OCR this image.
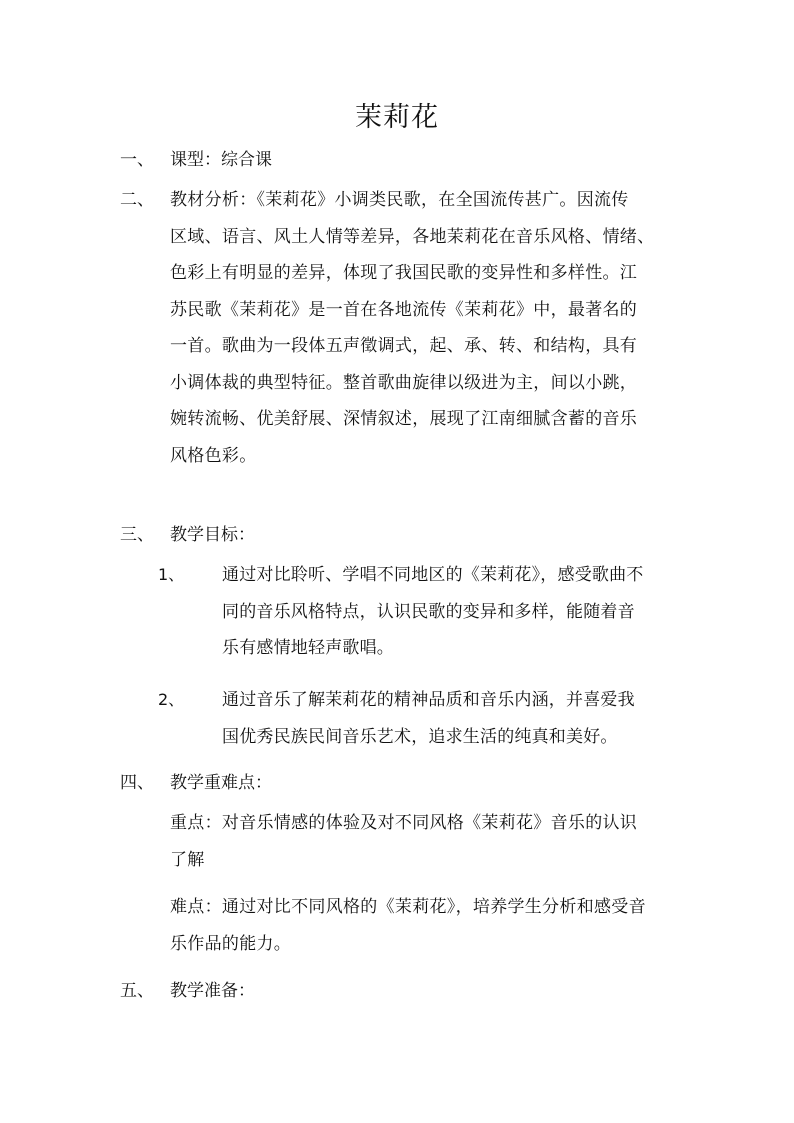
茉莉花
一、 课型：综合课
二、 教材分析：《茉莉花》小调类民歌，在全国流传甚广。因流传
区域、语言、风土人情等差异，各地茉莉花在音乐风格、情绪、
色彩上有明显的差异，体现了我国民歌的变异性和多样性。江
苏民歌《茉莉花》是一首在各地流传《茉莉花》中，最著名的
一首。歌曲为一段体五声徵调式，起、承、转、和结构，具有
小调体裁的典型特征。整首歌曲旋律以级进为主，间以小跳，
婉转流畅、优美舒展、深情叙述，展现了江南细腻含蓄的音乐
风格色彩。
三、 教学目标：
1、 通过对比聆听、学唱不同地区的《茉莉花》，感受歌曲不
同的音乐风格特点，认识民歌的变异和多样，能随着音
乐有感情地轻声歌唱。
2、 通过音乐了解茉莉花的精神品质和音乐内涵，并喜爱我
国优秀民族民间音乐艺术，追求生活的纯真和美好。
四、 教学重难点：
重点：对音乐情感的体验及对不同风格《茉莉花》音乐的认识
了解
难点：通过对比不同风格的《茉莉花》，培养学生分析和感受音
乐作品的能力。
五、 教学准备：
